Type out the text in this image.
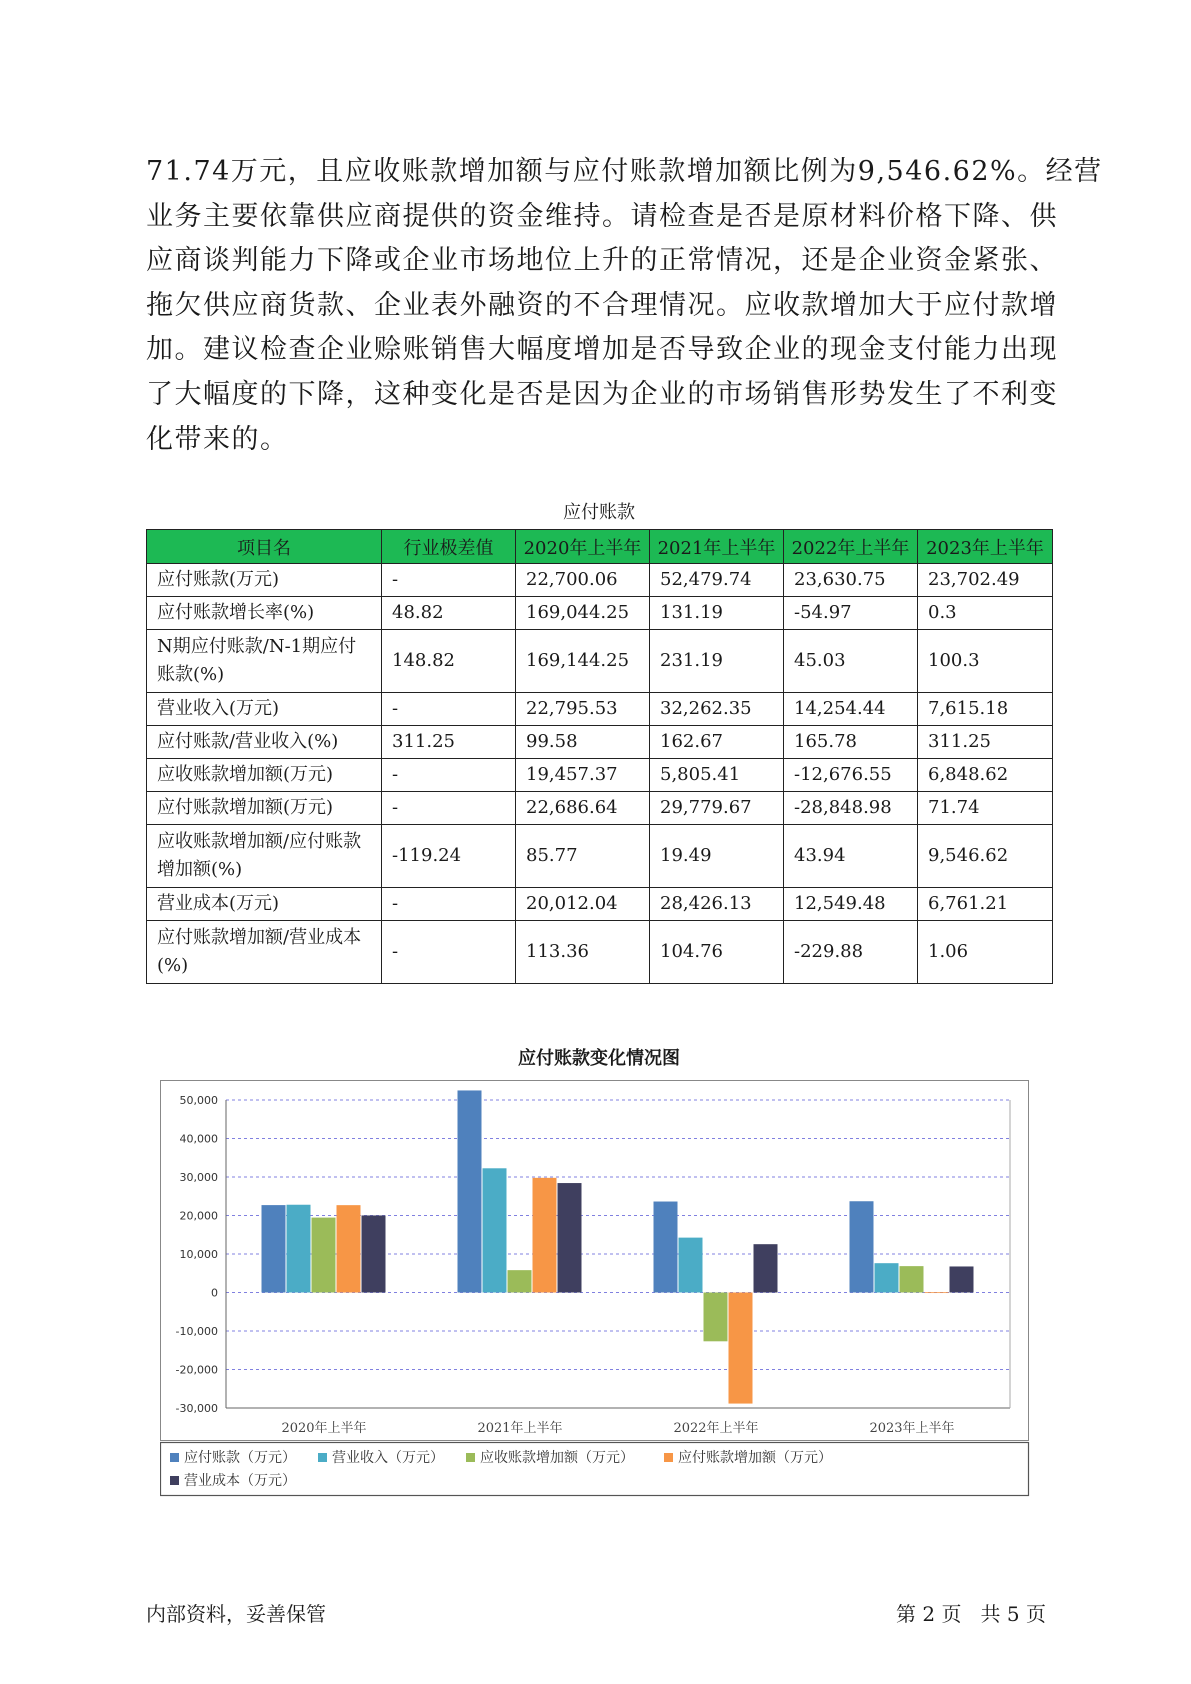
71.74万元，且应收账款增加额与应付账款增加额比例为9,546.62%。经营
业务主要依靠供应商提供的资金维持。请检查是否是原材料价格下降、供
应商谈判能力下降或企业市场地位上升的正常情况，还是企业资金紧张、
拖欠供应商货款、企业表外融资的不合理情况。应收款增加大于应付款增
加。建议检查企业赊账销售大幅度增加是否导致企业的现金支付能力出现
了大幅度的下降，这种变化是否是因为企业的市场销售形势发生了不利变
化带来的。

应付账款
项目名	行业极差值	2020年上半年	2021年上半年	2022年上半年	2023年上半年
应付账款(万元)	-	22,700.06	52,479.74	23,630.75	23,702.49
应付账款增长率(%)	48.82	169,044.25	131.19	-54.97	0.3
N期应付账款/N-1期应付账款(%)	148.82	169,144.25	231.19	45.03	100.3
营业收入(万元)	-	22,795.53	32,262.35	14,254.44	7,615.18
应付账款/营业收入(%)	311.25	99.58	162.67	165.78	311.25
应收账款增加额(万元)	-	19,457.37	5,805.41	-12,676.55	6,848.62
应付账款增加额(万元)	-	22,686.64	29,779.67	-28,848.98	71.74
应收账款增加额/应付账款增加额(%)	-119.24	85.77	19.49	43.94	9,546.62
营业成本(万元)	-	20,012.04	28,426.13	12,549.48	6,761.21
应付账款增加额/营业成本(%)	-	113.36	104.76	-229.88	1.06
应付账款变化情况图
50,000
40,000
30,000
20,000
10,000
0
-10,000
-20,000
-30,000
2020年上半年	2021年上半年	2022年上半年	2023年上半年
应付账款（万元）	营业收入（万元）	应收账款增加额（万元）	应付账款增加额（万元）
营业成本（万元）
内部资料，妥善保管	第 2 页   共 5 页
